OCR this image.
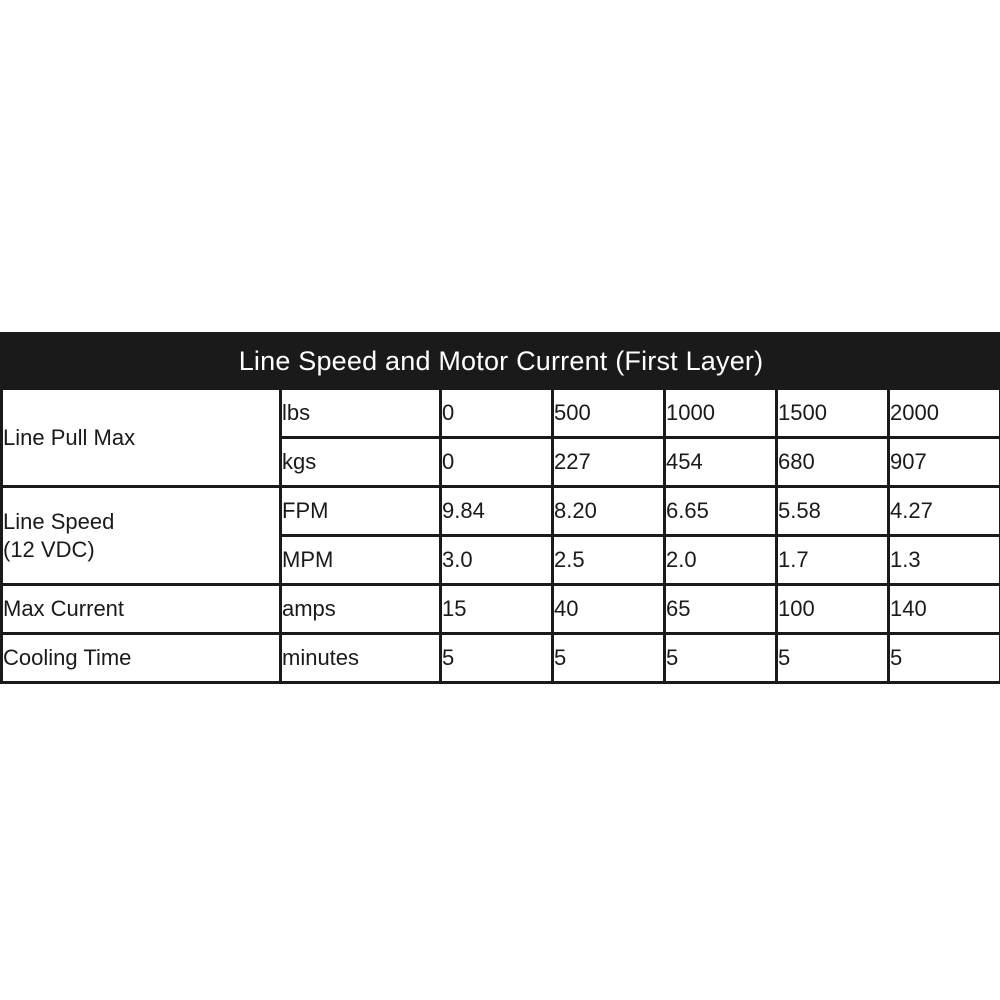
Line Speed and Motor Current (First Layer)						
Line Pull Max	lbs	0	500	1000	1500	2000
	kgs	0	227	454	680	907
Line Speed
(12 VDC)	FPM	9.84	8.20	6.65	5.58	4.27
	MPM	3.0	2.5	2.0	1.7	1.3
Max Current	amps	15	40	65	100	140
Cooling Time	minutes	5	5	5	5	5
